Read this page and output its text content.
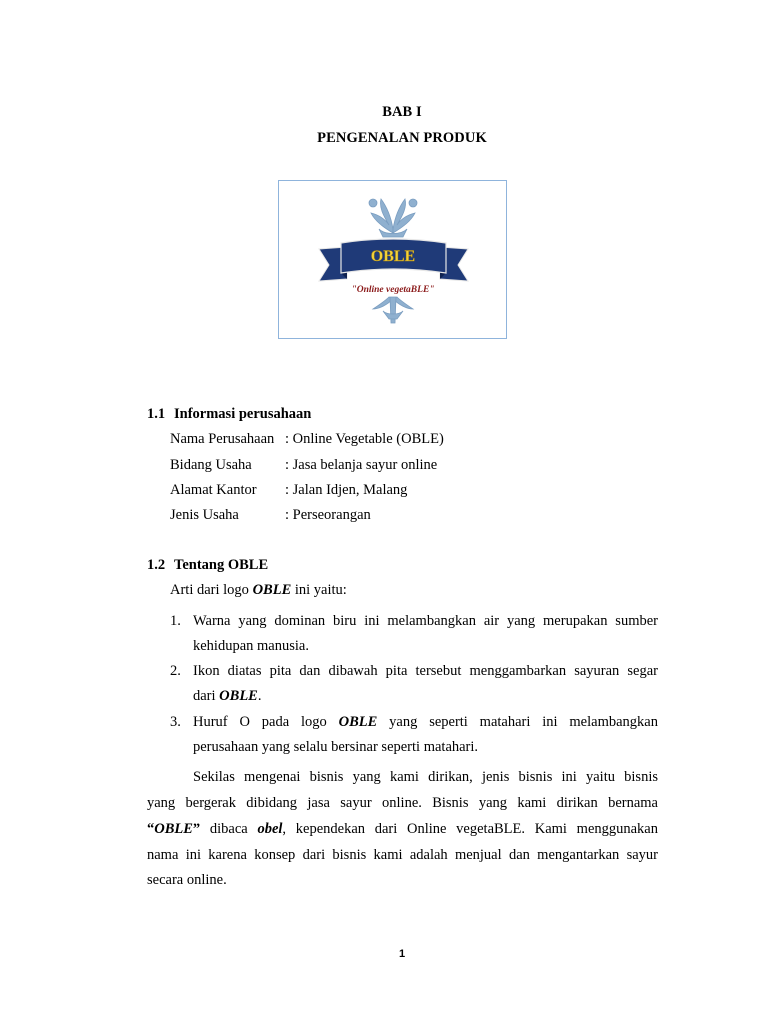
BAB I
PENGENALAN PRODUK
OBLE
"Online vegetaBLE"
1.1 Informasi perusahaan
Nama Perusahaan : Online Vegetable (OBLE)
Bidang Usaha : Jasa belanja sayur online
Alamat Kantor : Jalan Idjen, Malang
Jenis Usaha	: Perseorangan
1.2 Tentang OBLE
Arti dari logo OBLE ini yaitu:
1. Warna yang dominan biru ini melambangkan air yang merupakan sumber
kehidupan manusia.
2. Ikon diatas pita dan dibawah pita tersebut menggambarkan sayuran segar
dari OBLE.
3. Huruf O pada logo OBLE yang seperti matahari ini melambangkan
perusahaan yang selalu bersinar seperti matahari.
Sekilas mengenai bisnis yang kami dirikan, jenis bisnis ini yaitu bisnis
yang bergerak dibidang jasa sayur online. Bisnis yang kami dirikan bernama
“OBLE” dibaca obel, kependekan dari Online vegetaBLE. Kami menggunakan
nama ini karena konsep dari bisnis kami adalah menjual dan mengantarkan sayur
secara online.
1
